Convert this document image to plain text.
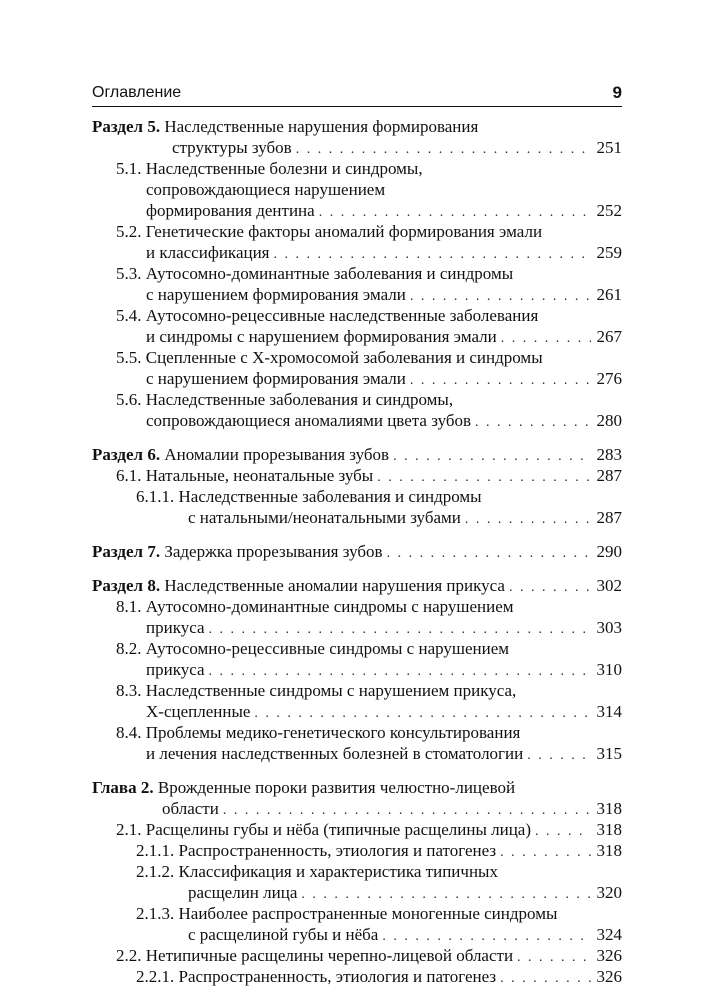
Оглавление	9
Раздел 5. Наследственные нарушения формирования
структуры зубов . . .	251
5.1. Наследственные болезни и синдромы,
сопровождающиеся нарушением
формирования дентина . . .	252
5.2. Генетические факторы аномалий формирования эмали
и классификация . . .	259
5.3. Аутосомно-доминантные заболевания и синдромы
с нарушением формирования эмали . . .	261
5.4. Аутосомно-рецессивные наследственные заболевания
и синдромы с нарушением формирования эмали . . .	267
5.5. Сцепленные с Х-хромосомой заболевания и синдромы
с нарушением формирования эмали . . .	276
5.6. Наследственные заболевания и синдромы,
сопровождающиеся аномалиями цвета зубов . . .	280
Раздел 6. Аномалии прорезывания зубов . . .	283
6.1. Натальные, неонатальные зубы . . .	287
6.1.1. Наследственные заболевания и синдромы
с натальными/неонатальными зубами . . .	287
Раздел 7. Задержка прорезывания зубов . . .	290
Раздел 8. Наследственные аномалии нарушения прикуса . . .	302
8.1. Аутосомно-доминантные синдромы с нарушением
прикуса . . .	303
8.2. Аутосомно-рецессивные синдромы с нарушением
прикуса . . .	310
8.3. Наследственные синдромы с нарушением прикуса,
Х-сцепленные . . .	314
8.4. Проблемы медико-генетического консультирования
и лечения наследственных болезней в стоматологии . . .	315
Глава 2. Врожденные пороки развития челюстно-лицевой
области . . .	318
2.1. Расщелины губы и нёба (типичные расщелины лица) . . .	318
2.1.1. Распространенность, этиология и патогенез . . .	318
2.1.2. Классификация и характеристика типичных
расщелин лица . . .	320
2.1.3. Наиболее распространенные моногенные синдромы
с расщелиной губы и нёба . . .	324
2.2. Нетипичные расщелины черепно-лицевой области . . .	326
2.2.1. Распространенность, этиология и патогенез . . .	326
